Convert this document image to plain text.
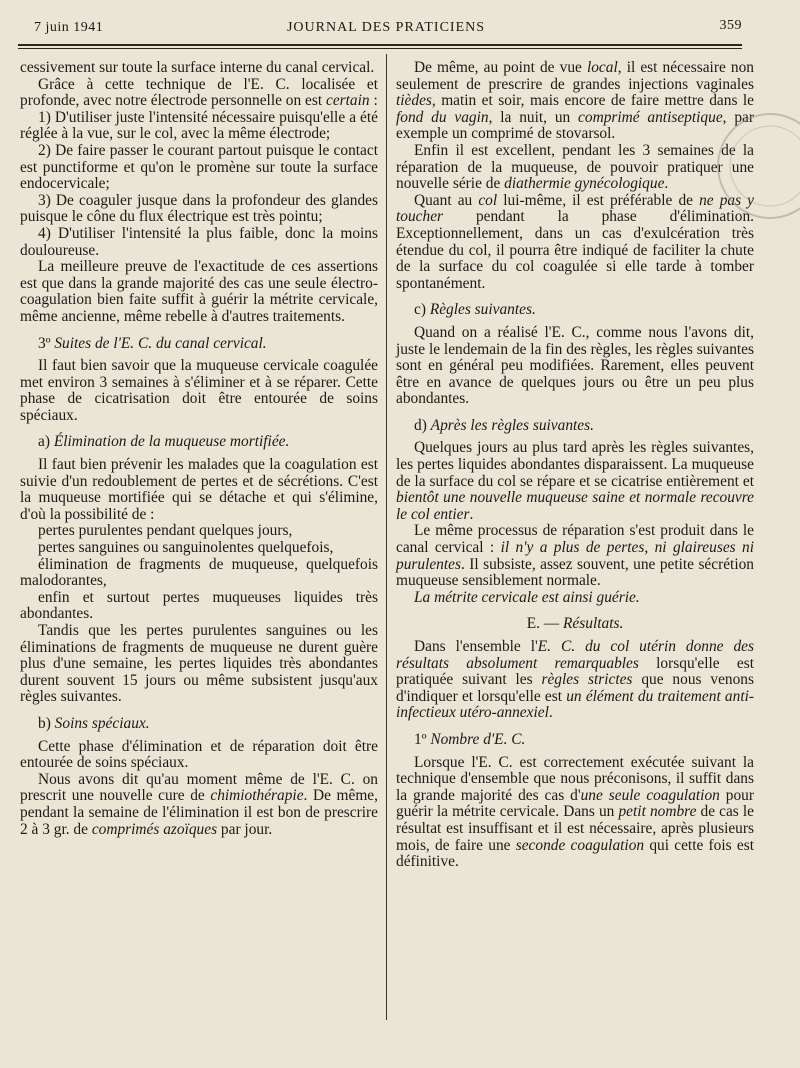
7 juin 1941	JOURNAL DES PRATICIENS	359

cessivement sur toute la surface interne du canal cervical.

Grâce à cette technique de l'E. C. localisée et profonde, avec notre électrode personnelle on est certain :

1) D'utiliser juste l'intensité nécessaire puisqu'elle a été réglée à la vue, sur le col, avec la même électrode;

2) De faire passer le courant partout puisque le contact est punctiforme et qu'on le promène sur toute la surface endocervicale;

3) De coaguler jusque dans la profondeur des glandes puisque le cône du flux électrique est très pointu;

4) D'utiliser l'intensité la plus faible, donc la moins douloureuse.

La meilleure preuve de l'exactitude de ces assertions est que dans la grande majorité des cas une seule électro-coagulation bien faite suffit à guérir la métrite cervicale, même ancienne, même rebelle à d'autres traitements.

3º Suites de l'E. C. du canal cervical.

Il faut bien savoir que la muqueuse cervicale coagulée met environ 3 semaines à s'éliminer et à se réparer. Cette phase de cicatrisation doit être entourée de soins spéciaux.

a) Élimination de la muqueuse mortifiée.

Il faut bien prévenir les malades que la coagulation est suivie d'un redoublement de pertes et de sécrétions. C'est la muqueuse mortifiée qui se détache et qui s'élimine, d'où la possibilité de :

pertes purulentes pendant quelques jours,

pertes sanguines ou sanguinolentes quelquefois,

élimination de fragments de muqueuse, quelquefois malodorantes,

enfin et surtout pertes muqueuses liquides très abondantes.

Tandis que les pertes purulentes sanguines ou les éliminations de fragments de muqueuse ne durent guère plus d'une semaine, les pertes liquides très abondantes durent souvent 15 jours ou même subsistent jusqu'aux règles suivantes.

b) Soins spéciaux.

Cette phase d'élimination et de réparation doit être entourée de soins spéciaux.

Nous avons dit qu'au moment même de l'E. C. on prescrit une nouvelle cure de chimiothérapie. De même, pendant la semaine de l'élimination il est bon de prescrire 2 à 3 gr. de comprimés azoïques par jour.

De même, au point de vue local, il est nécessaire non seulement de prescrire de grandes injections vaginales tièdes, matin et soir, mais encore de faire mettre dans le fond du vagin, la nuit, un comprimé antiseptique, par exemple un comprimé de stovarsol.

Enfin il est excellent, pendant les 3 semaines de la réparation de la muqueuse, de pouvoir pratiquer une nouvelle série de diathermie gynécologique.

Quant au col lui-même, il est préférable de ne pas y toucher pendant la phase d'élimination. Exceptionnellement, dans un cas d'exulcération très étendue du col, il pourra être indiqué de faciliter la chute de la surface du col coagulée si elle tarde à tomber spontanément.

c) Règles suivantes.

Quand on a réalisé l'E. C., comme nous l'avons dit, juste le lendemain de la fin des règles, les règles suivantes sont en général peu modifiées. Rarement, elles peuvent être en avance de quelques jours ou être un peu plus abondantes.

d) Après les règles suivantes.

Quelques jours au plus tard après les règles suivantes, les pertes liquides abondantes disparaissent. La muqueuse de la surface du col se répare et se cicatrise entièrement et bientôt une nouvelle muqueuse saine et normale recouvre le col entier.

Le même processus de réparation s'est produit dans le canal cervical : il n'y a plus de pertes, ni glaireuses ni purulentes. Il subsiste, assez souvent, une petite sécrétion muqueuse sensiblement normale.

La métrite cervicale est ainsi guérie.

E. — Résultats.

Dans l'ensemble l'E. C. du col utérin donne des résultats absolument remarquables lorsqu'elle est pratiquée suivant les règles strictes que nous venons d'indiquer et lorsqu'elle est un élément du traitement anti-infectieux utéro-annexiel.

1º Nombre d'E. C.

Lorsque l'E. C. est correctement exécutée suivant la technique d'ensemble que nous préconisons, il suffit dans la grande majorité des cas d'une seule coagulation pour guérir la métrite cervicale. Dans un petit nombre de cas le résultat est insuffisant et il est nécessaire, après plusieurs mois, de faire une seconde coagulation qui cette fois est définitive.
